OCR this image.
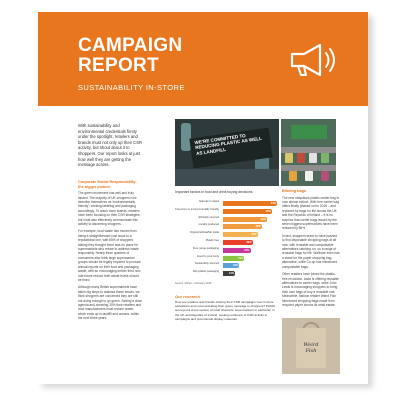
CAMPAIGN
REPORT
SUSTAINABILITY IN-STORE
With sustainability and environmental credentials firmly under the spotlight, retailers and brands must not only up their CSR activity, but shout about it to shoppers. Our report looks at just how well they are getting the message across.
Corporate Social Responsibility: the bigger picture

The green movement has well and truly landed. The majority of UK shoppers now describe themselves as 'environmentally friendly', seeking labelling and packaging accordingly. To reach more brands, retailers have been focusing on their CSR strategies, but must also effectively communicate this activity to discerning shoppers.

For example, food waste has moved from being a straightforward cost issue to a reputational one, with 65% of shoppers stating they thought there was no place for supermarkets who refuse to address waste responsibly. Nearly three quarters of consumers also think large supermarket groups should be legally required to produce annual reports on their food and packaging waste, with an encouraging further third now rate future reduce their waste levels should be fined.

Although many British supermarkets have taken big steps to address these issues, we think shoppers are concerned they are still not doing enough to go green. Setting a clear agenda and checking 30% their retailers and food manufacturers must reduce waste, which ends up in landfill and oceans, within the next three years.

WE'RE COMMITTED TO REDUCING PLASTIC AS WELL AS LANDFILL
Important factors in food and drink buying decisions
Natural or naked
53%
Free-from or environmentally friendly
48%
Ethically sourced
43%
Locally produced
38%
Organic/ethical/fair trade
34%
Plastic free
29%
Free range packaging
27%
Good to your body
21%
Sustainably sourced
16%
Recyclable packaging
12%
Source: Mintel – February 2019
Our research
How are retailers and brands sharing their CSR campaigns now in-store activations and communicating their green message to shoppers? POPAI surveyed a cross section of retail channels, supermarkets in particular, in the UK and Republic of Ireland, seeking evidence of CSR activity in campaigns and promotional display materials.
Binning bags

The new ubiquitous plastic carrier bag is now almost extinct. With free carrier bag offers finally phased out in 2018 – and replaced by bags for life across the UK and the Republic of Ireland – it is no surprise that carrier bags issued by the seven biggest supermarkets have been reduced by 86%.

In fact, shoppers seem to have pushed to find disposable shopping bags at all now, with reusable and compostable alternatives catching on, on a range of reusable bags for life. Waitrose even has a stand for the paper shopping bag alternative, while Co-op has introduced compostable bags.

Other retailers have joined the plastic-free revolution. Asda is offering reusable alternatives to carrier bags, while John Lewis is encouraging shoppers to bring their own bags or buy a reusable one. Meanwhile, fashion retailer Weird Fish introduced shopping bags made from recycled paper across its retail estate.

Weird Fish
